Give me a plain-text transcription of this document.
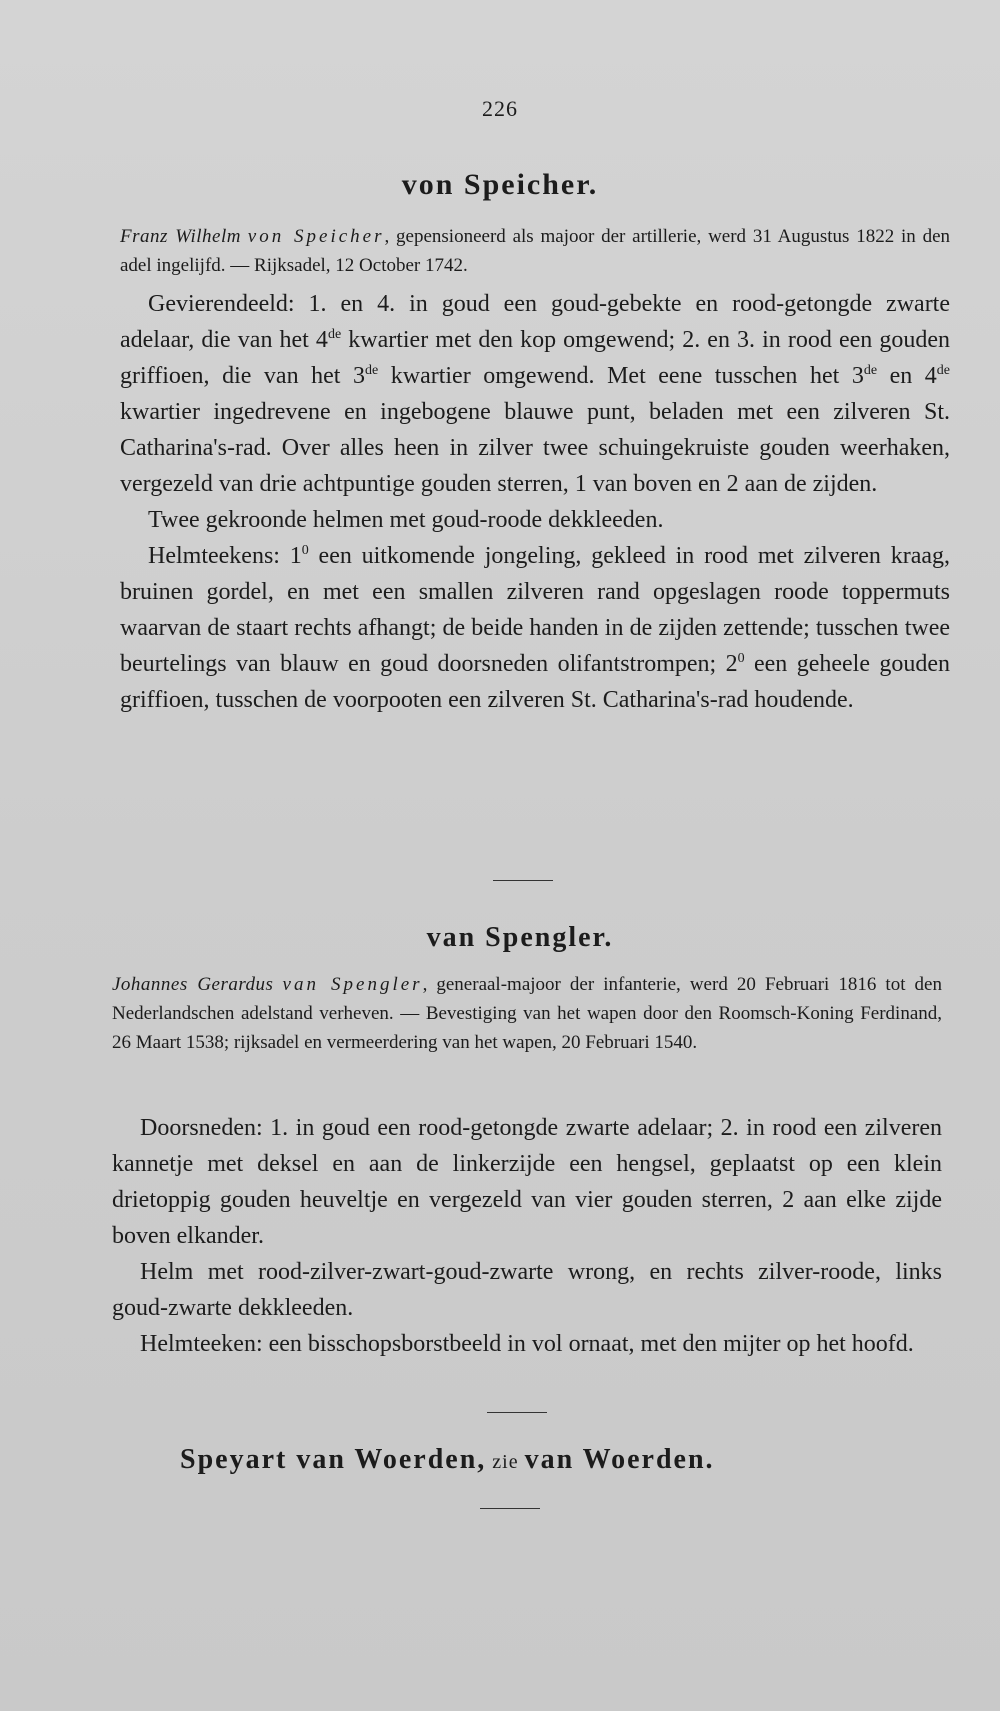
226
von Speicher.

Franz Wilhelm von Speicher, gepensioneerd als majoor der artillerie, werd 31 Augustus 1822 in den adel ingelijfd. — Rijksadel, 12 October 1742.

Gevierendeeld: 1. en 4. in goud een goud-gebekte en rood-getongde zwarte adelaar, die van het 4de kwartier met den kop omgewend; 2. en 3. in rood een gouden griffioen, die van het 3de kwartier omgewend. Met eene tusschen het 3de en 4de kwartier ingedrevene en ingebogene blauwe punt, beladen met een zilveren St. Catharina's-rad. Over alles heen in zilver twee schuingekruiste gouden weerhaken, vergezeld van drie achtpuntige gouden sterren, 1 van boven en 2 aan de zijden.

Twee gekroonde helmen met goud-roode dekkleeden.

Helmteekens: $1^0$ een uitkomende jongeling, gekleed in rood met zilveren kraag, bruinen gordel, en met een smallen zilveren rand opgeslagen roode toppermuts waarvan de staart rechts afhangt; de beide handen in de zijden zettende; tusschen twee beurtelings van blauw en goud doorsneden olifantstrompen; $2^0$ een geheele gouden griffioen, tusschen de voorpooten een zilveren St. Catharina's-rad houdende.

van Spengler.

Johannes Gerardus van Spengler, generaal-majoor der infanterie, werd 20 Februari 1816 tot den Nederlandschen adelstand verheven. — Bevestiging van het wapen door den Roomsch-Koning Ferdinand, 26 Maart 1538; rijksadel en vermeerdering van het wapen, 20 Februari 1540.

Doorsneden: 1. in goud een rood-getongde zwarte adelaar; 2. in rood een zilveren kannetje met deksel en aan de linkerzijde een hengsel, geplaatst op een klein drietoppig gouden heuveltje en vergezeld van vier gouden sterren, 2 aan elke zijde boven elkander.

Helm met rood-zilver-zwart-goud-zwarte wrong, en rechts zilver-roode, links goud-zwarte dekkleeden.

Helmteeken: een bisschopsborstbeeld in vol ornaat, met den mijter op het hoofd.

Speyart van Woerden, zie van Woerden.
